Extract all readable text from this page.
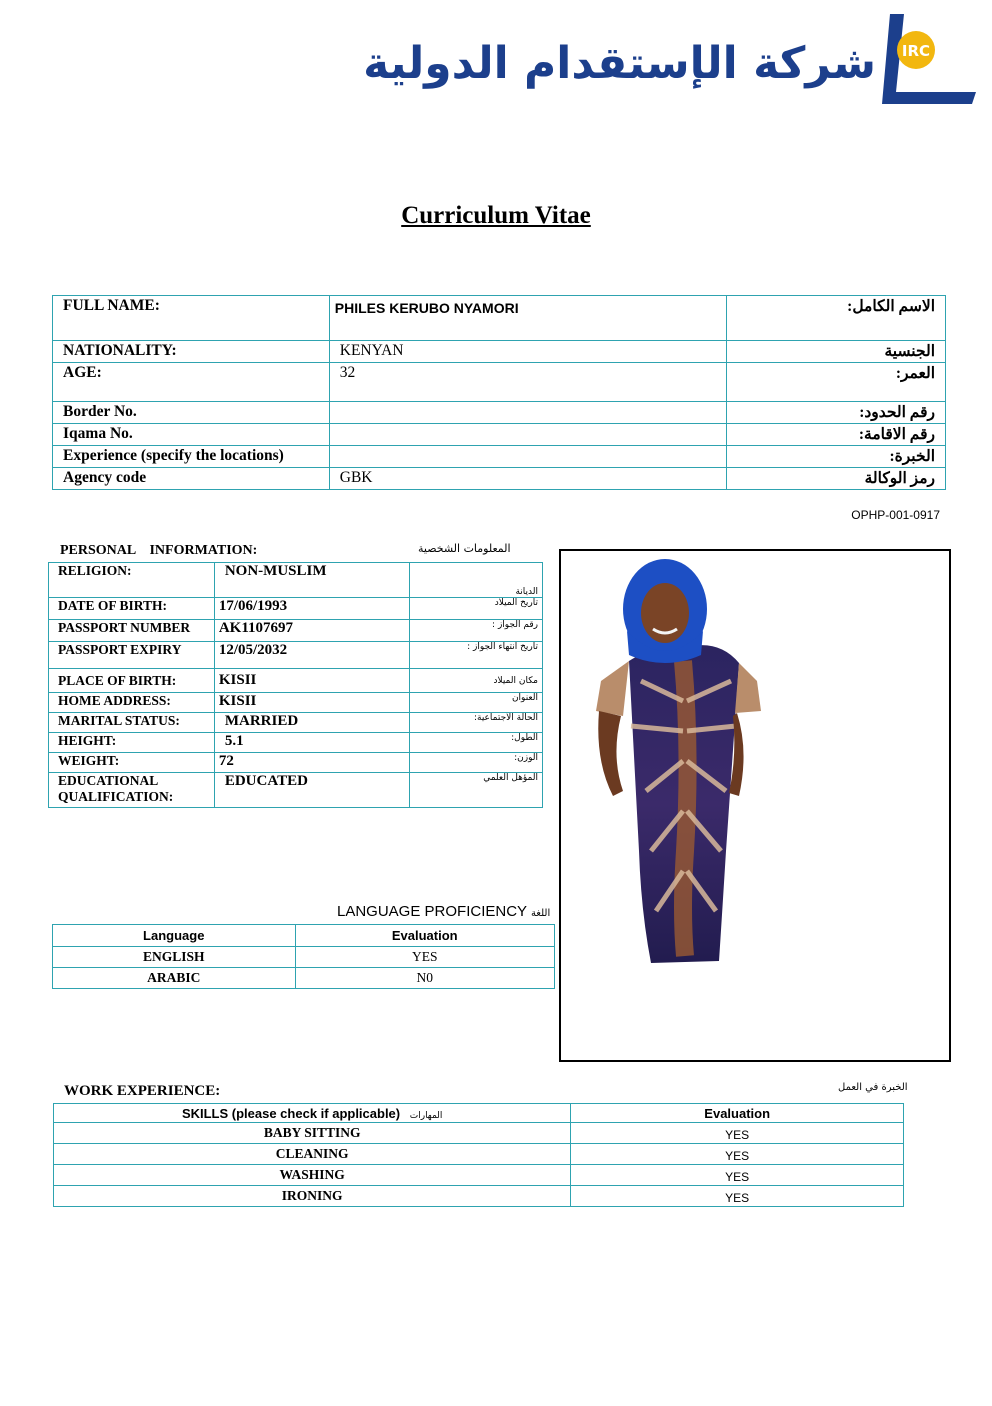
شركة الإستقدام الدولية IRC
Curriculum Vitae
FULL NAME:	PHILES KERUBO NYAMORI	الاسم الكامل:
NATIONALITY:	KENYAN	الجنسية
AGE:	32	العمر:
Border No.		رقم الحدود:
Iqama No.		رقم الاقامة:
Experience (specify the locations)		الخبرة:
Agency code	GBK	رمز الوكالة
OPHP-001-0917
PERSONAL    INFORMATION:	المعلومات الشخصية
RELIGION:	NON-MUSLIM	الديانة
DATE OF BIRTH:	17/06/1993	تاريخ الميلاد
PASSPORT NUMBER	AK1107697	رقم الجواز :
PASSPORT EXPIRY	12/05/2032	تاريخ انتهاء الجواز :
PLACE OF BIRTH:	KISII	مكان الميلاد
HOME ADDRESS:	KISII	العنوان
MARITAL STATUS:	MARRIED	الحالة الاجتماعية:
HEIGHT:	5.1	الطول:
WEIGHT:	72	الوزن:
EDUCATIONAL QUALIFICATION:	EDUCATED	المؤهل العلمي
LANGUAGE PROFICIENCY اللغة
Language	Evaluation
ENGLISH	YES
ARABIC	N0
WORK EXPERIENCE:	الخبرة في العمل
SKILLS (please check if applicable) المهارات	Evaluation
BABY SITTING	YES
CLEANING	YES
WASHING	YES
IRONING	YES
